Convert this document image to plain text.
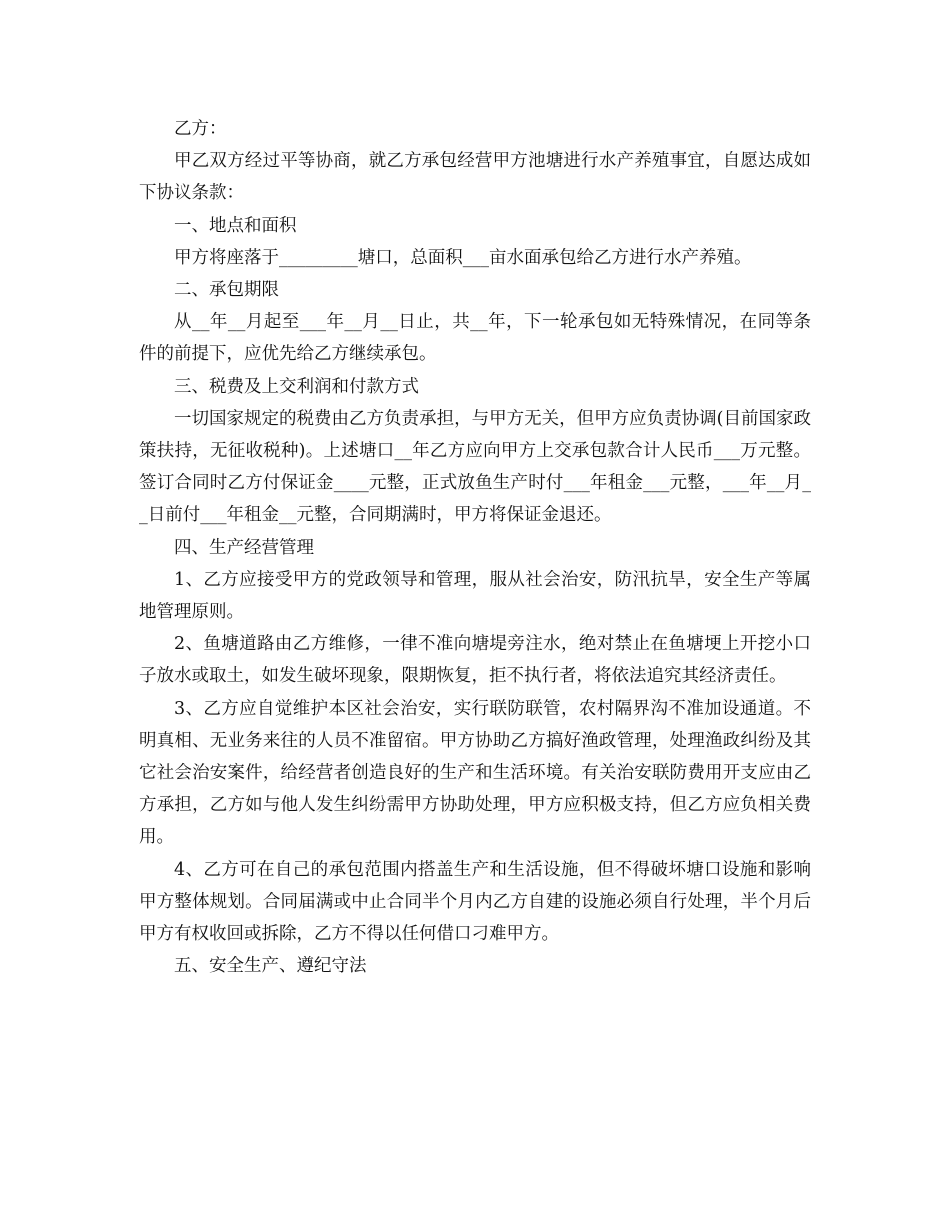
乙方：

甲乙双方经过平等协商，就乙方承包经营甲方池塘进行水产养殖事宜，自愿达成如下协议条款：

一、地点和面积

甲方将座落于_________塘口，总面积___亩水面承包给乙方进行水产养殖。

二、承包期限

从__年__月起至___年__月__日止，共__年，下一轮承包如无特殊情况，在同等条件的前提下，应优先给乙方继续承包。

三、税费及上交利润和付款方式

一切国家规定的税费由乙方负责承担，与甲方无关，但甲方应负责协调(目前国家政策扶持，无征收税种)。上述塘口__年乙方应向甲方上交承包款合计人民币___万元整。签订合同时乙方付保证金____元整，正式放鱼生产时付___年租金___元整，___年__月__日前付___年租金__元整，合同期满时，甲方将保证金退还。

四、生产经营管理

1、乙方应接受甲方的党政领导和管理，服从社会治安，防汛抗旱，安全生产等属地管理原则。

2、鱼塘道路由乙方维修，一律不准向塘堤旁注水，绝对禁止在鱼塘埂上开挖小口子放水或取土，如发生破坏现象，限期恢复，拒不执行者，将依法追究其经济责任。

3、乙方应自觉维护本区社会治安，实行联防联管，农村隔界沟不准加设通道。不明真相、无业务来往的人员不准留宿。甲方协助乙方搞好渔政管理，处理渔政纠纷及其它社会治安案件，给经营者创造良好的生产和生活环境。有关治安联防费用开支应由乙方承担，乙方如与他人发生纠纷需甲方协助处理，甲方应积极支持，但乙方应负相关费用。

4、乙方可在自己的承包范围内搭盖生产和生活设施，但不得破坏塘口设施和影响甲方整体规划。合同届满或中止合同半个月内乙方自建的设施必须自行处理，半个月后甲方有权收回或拆除，乙方不得以任何借口刁难甲方。

五、安全生产、遵纪守法
